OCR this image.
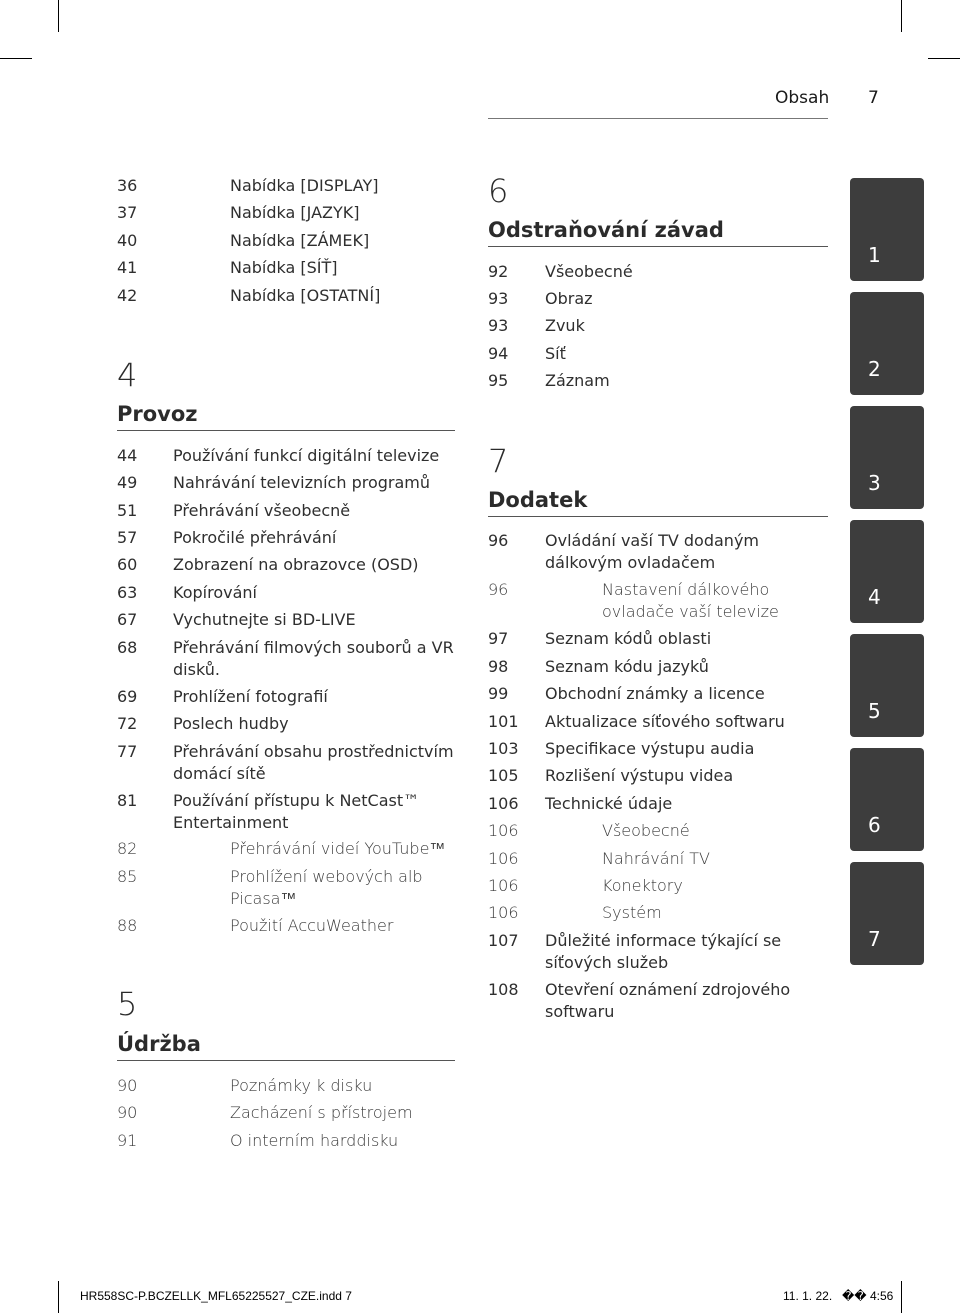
Obsah 7
36	Nabídka [DISPLAY]
37	Nabídka [JAZYK]
40	Nabídka [ZÁMEK]
41	Nabídka [SÍŤ]
42	Nabídka [OSTATNÍ]
4
Provoz
44 Používání funkcí digitální televize
49 Nahrávání televizních programů
51 Přehrávání všeobecně
57 Pokročilé přehrávání
60 Zobrazení na obrazovce (OSD)
63 Kopírování
67 Vychutnejte si BD-LIVE
68 Přehrávání filmových souborů a VR disků.
69 Prohlížení fotografií
72 Poslech hudby
77 Přehrávání obsahu prostřednictvím domácí sítě
81 Používání přístupu k NetCast™ Entertainment
82	Přehrávání videí YouTube™
85	Prohlížení webových alb Picasa™
88	Použití AccuWeather
5
Údržba
90	Poznámky k disku
90	Zacházení s přístrojem
91	O interním harddisku
6
Odstraňování závad
92 Všeobecné
93 Obraz
93 Zvuk
94 Síť
95 Záznam
7
Dodatek
96 Ovládání vaší TV dodaným dálkovým ovladačem
96	Nastavení dálkového ovladače vaší televize
97 Seznam kódů oblasti
98 Seznam kódu jazyků
99 Obchodní známky a licence
101 Aktualizace síťového softwaru
103 Specifikace výstupu audia
105 Rozlišení výstupu videa
106 Technické údaje
106	Všeobecné
106	Nahrávání TV
106	Konektory
106	Systém
107 Důležité informace týkající se síťových služeb
108 Otevření oznámení zdrojového softwaru
1
2
3
4
5
6
7
HR558SC-P.BCZELLK_MFL65225527_CZE.indd 7	11. 1. 22. �� 4:56
